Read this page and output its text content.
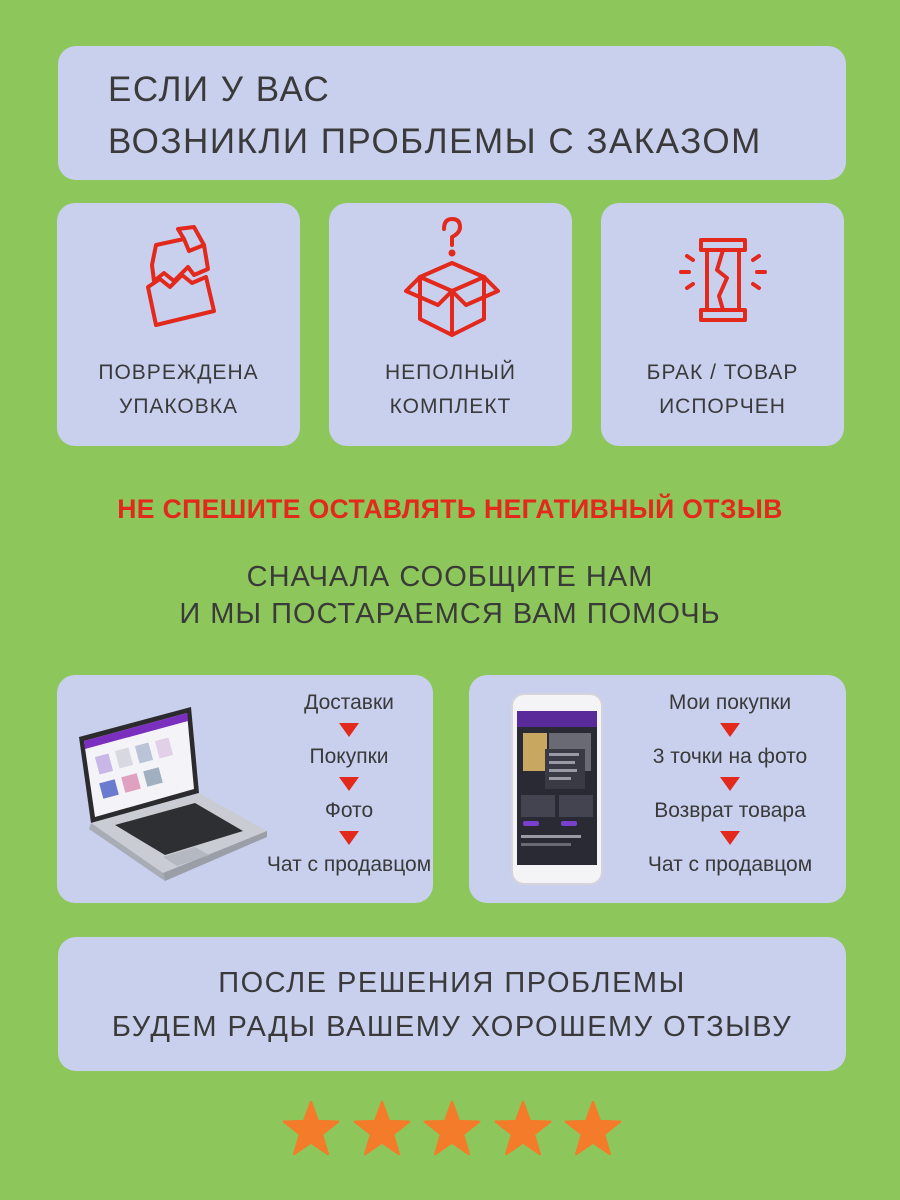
ЕСЛИ У ВАС
ВОЗНИКЛИ ПРОБЛЕМЫ С ЗАКАЗОМ
ПОВРЕЖДЕНА
УПАКОВКА
НЕПОЛНЫЙ
КОМПЛЕКТ
БРАК / ТОВАР
ИСПОРЧЕН
НЕ СПЕШИТЕ ОСТАВЛЯТЬ НЕГАТИВНЫЙ ОТЗЫВ
СНАЧАЛА СООБЩИТЕ НАМ
И МЫ ПОСТАРАЕМСЯ ВАМ ПОМОЧЬ
Доставки
Покупки
Фото
Чат с продавцом
Мои покупки
3 точки на фото
Возврат товара
Чат с продавцом
ПОСЛЕ РЕШЕНИЯ ПРОБЛЕМЫ
БУДЕМ РАДЫ ВАШЕМУ ХОРОШЕМУ ОТЗЫВУ
